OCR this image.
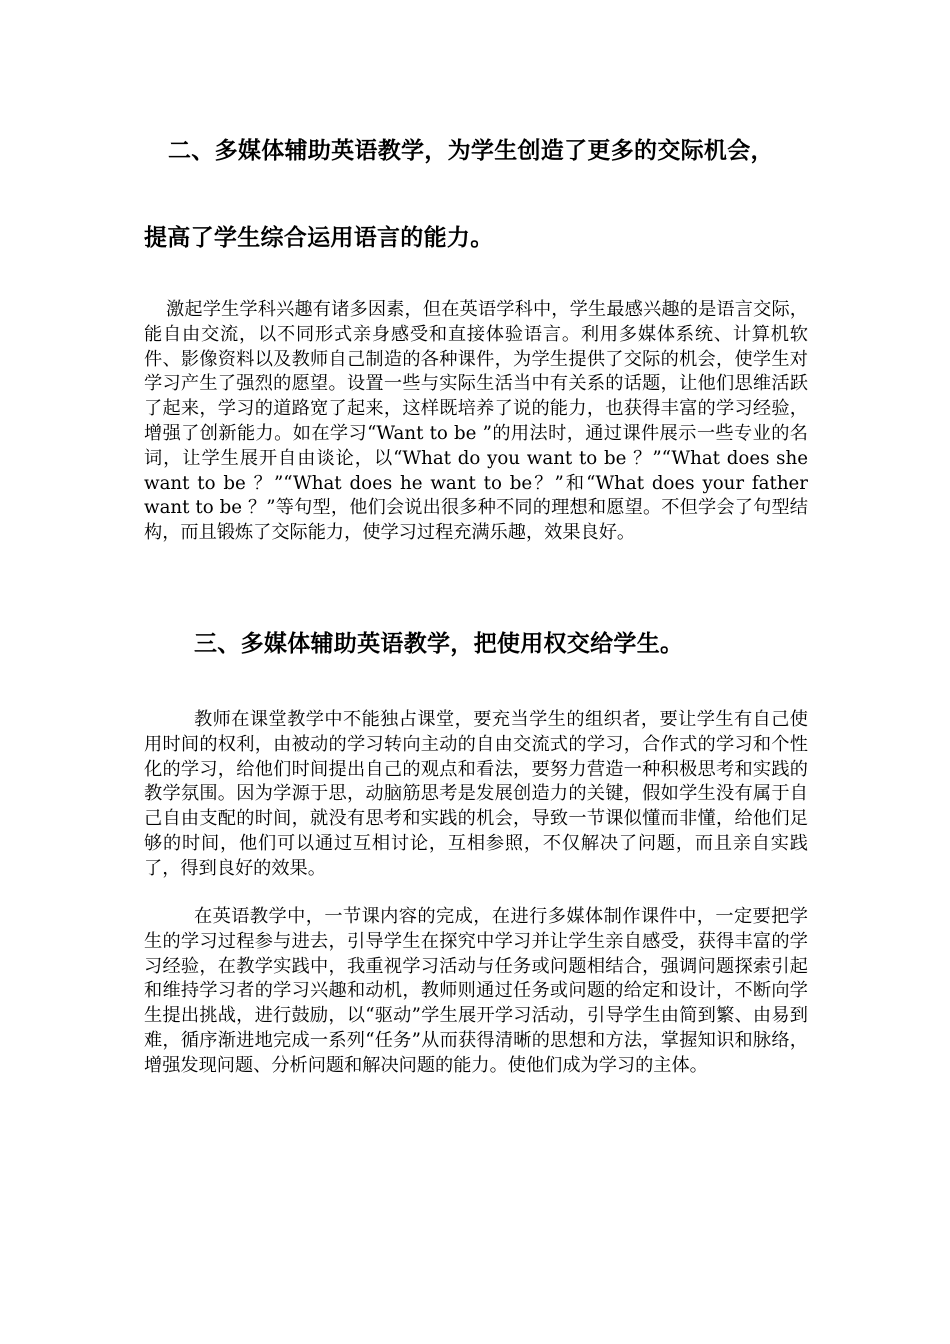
二、多媒体辅助英语教学，为学生创造了更多的交际机会，
提高了学生综合运用语言的能力。

激起学生学科兴趣有诸多因素，但在英语学科中，学生最感兴趣的是语言交际，能自由交流，以不同形式亲身感受和直接体验语言。利用多媒体系统、计算机软件、影像资料以及教师自己制造的各种课件，为学生提供了交际的机会，使学生对学习产生了强烈的愿望。设置一些与实际生活当中有关系的话题，让他们思维活跃了起来，学习的道路宽了起来，这样既培养了说的能力，也获得丰富的学习经验，增强了创新能力。如在学习“Want to be ”的用法时，通过课件展示一些专业的名词，让学生展开自由谈论，以“What do you want to be ？”“What does she want to be ？”“What does he want to be？”和“What does your father want to be ？”等句型，他们会说出很多种不同的理想和愿望。不但学会了句型结构，而且锻炼了交际能力，使学习过程充满乐趣，效果良好。

三、多媒体辅助英语教学，把使用权交给学生。

教师在课堂教学中不能独占课堂，要充当学生的组织者，要让学生有自己使用时间的权利，由被动的学习转向主动的自由交流式的学习，合作式的学习和个性化的学习，给他们时间提出自己的观点和看法，要努力营造一种积极思考和实践的教学氛围。因为学源于思，动脑筋思考是发展创造力的关键，假如学生没有属于自己自由支配的时间，就没有思考和实践的机会，导致一节课似懂而非懂，给他们足够的时间，他们可以通过互相讨论，互相参照，不仅解决了问题，而且亲自实践了，得到良好的效果。

在英语教学中，一节课内容的完成，在进行多媒体制作课件中，一定要把学生的学习过程参与进去，引导学生在探究中学习并让学生亲自感受，获得丰富的学习经验，在教学实践中，我重视学习活动与任务或问题相结合，强调问题探索引起和维持学习者的学习兴趣和动机，教师则通过任务或问题的给定和设计，不断向学生提出挑战，进行鼓励，以“驱动”学生展开学习活动，引导学生由简到繁、由易到难，循序渐进地完成一系列“任务”从而获得清晰的思想和方法，掌握知识和脉络，增强发现问题、分析问题和解决问题的能力。使他们成为学习的主体。
